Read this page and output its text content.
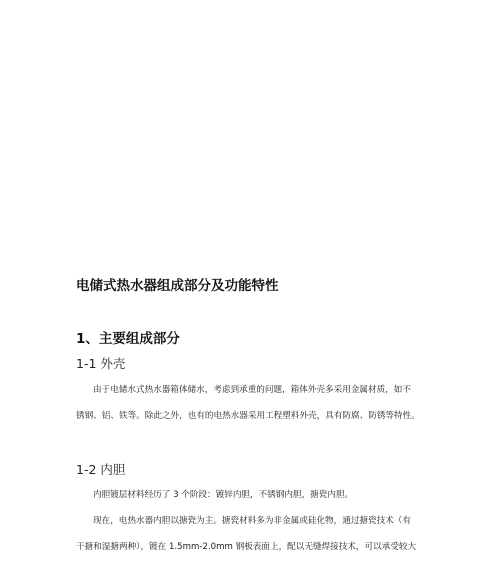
电储式热水器组成部分及功能特性
1、主要组成部分
1-1 外壳
由于电储水式热水器箱体储水，考虑到承重的问题，箱体外壳多采用金属材质，如不
锈钢、铝、铁等。除此之外，也有的电热水器采用工程塑料外壳，具有防腐、防锈等特性。
1-2 内胆
内胆镀层材料经历了 3 个阶段：镀锌内胆，不锈钢内胆，搪瓷内胆。
现在，电热水器内胆以搪瓷为主。搪瓷材料多为非金属或硅化物，通过搪瓷技术（有
干搪和湿搪两种），镀在 1.5mm-2.0mm 钢板表面上，配以无缝焊接技术，可以承受较大
